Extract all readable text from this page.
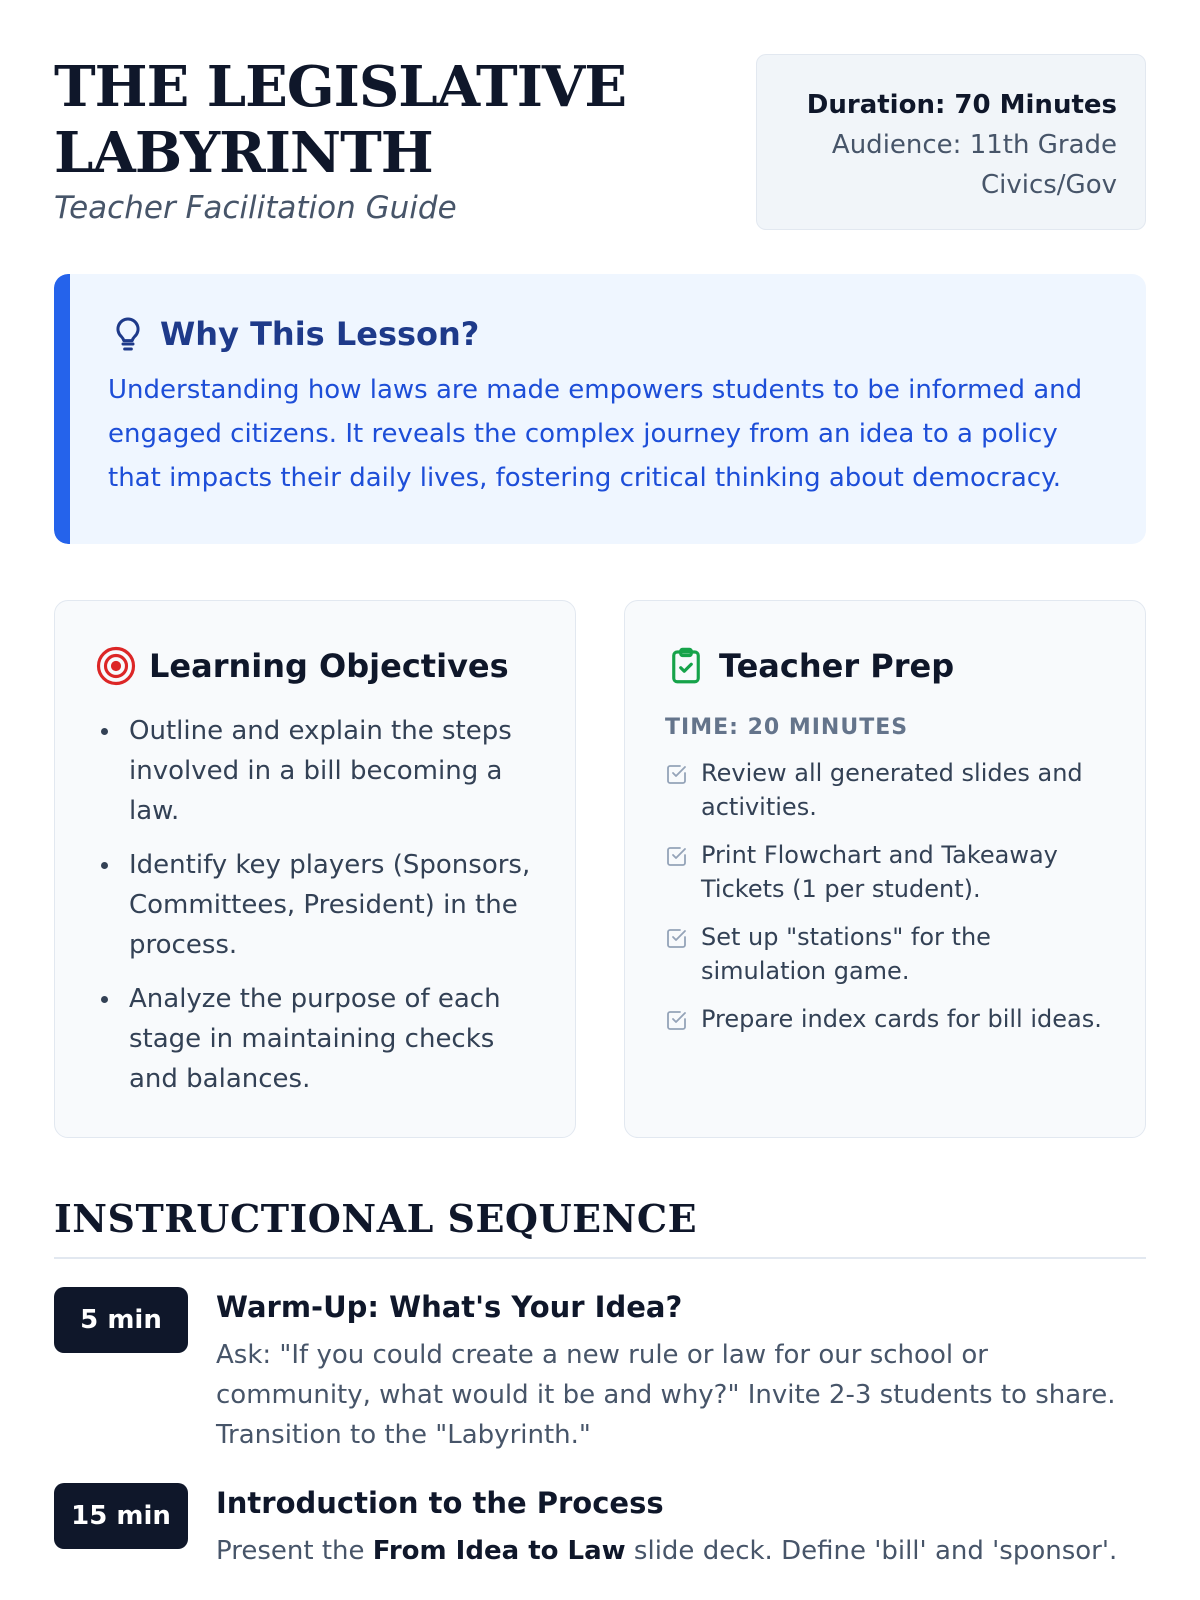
THE LEGISLATIVE
LABYRINTH
Teacher Facilitation Guide
Duration: 70 Minutes
Audience: 11th Grade
Civics/Gov
Why This Lesson?
Understanding how laws are made empowers students to be informed and engaged citizens. It reveals the complex journey from an idea to a policy that impacts their daily lives, fostering critical thinking about democracy.
Learning Objectives
Outline and explain the steps involved in a bill becoming a law.
Identify key players (Sponsors, Committees, President) in the process.
Analyze the purpose of each stage in maintaining checks and balances.
Teacher Prep
TIME: 20 MINUTES
Review all generated slides and activities.
Print Flowchart and Takeaway Tickets (1 per student).
Set up "stations" for the simulation game.
Prepare index cards for bill ideas.
INSTRUCTIONAL SEQUENCE
5 min	Warm-Up: What's Your Idea?
Ask: "If you could create a new rule or law for our school or community, what would it be and why?" Invite 2-3 students to share. Transition to the "Labyrinth."
15 min	Introduction to the Process
Present the From Idea to Law slide deck. Define 'bill' and 'sponsor'.
